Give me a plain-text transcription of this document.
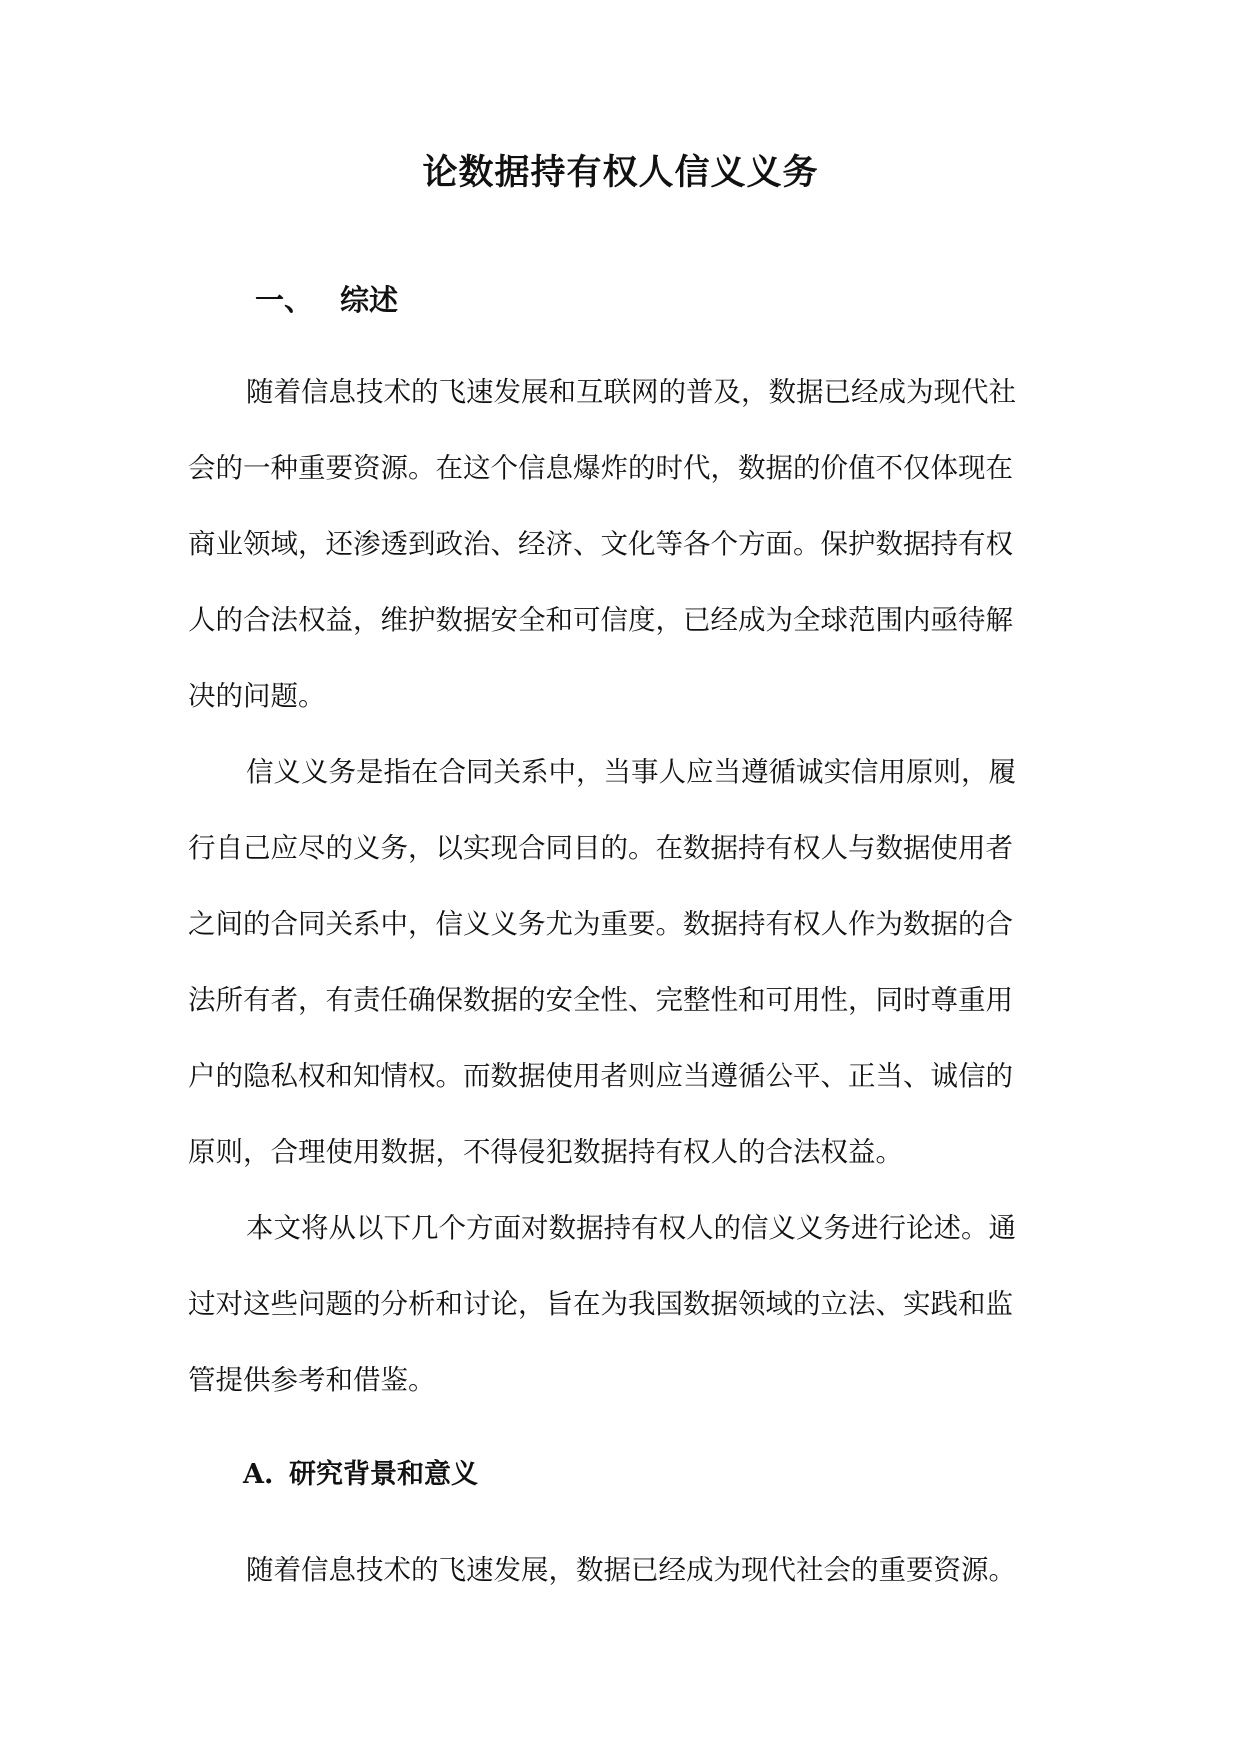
论数据持有权人信义义务
一、 综述
随着信息技术的飞速发展和互联网的普及，数据已经成为现代社
会的一种重要资源。在这个信息爆炸的时代，数据的价值不仅体现在
商业领域，还渗透到政治、经济、文化等各个方面。保护数据持有权
人的合法权益，维护数据安全和可信度，已经成为全球范围内亟待解
决的问题。
信义义务是指在合同关系中，当事人应当遵循诚实信用原则，履
行自己应尽的义务，以实现合同目的。在数据持有权人与数据使用者
之间的合同关系中，信义义务尤为重要。数据持有权人作为数据的合
法所有者，有责任确保数据的安全性、完整性和可用性，同时尊重用
户的隐私权和知情权。而数据使用者则应当遵循公平、正当、诚信的
原则，合理使用数据，不得侵犯数据持有权人的合法权益。
本文将从以下几个方面对数据持有权人的信义义务进行论述。通
过对这些问题的分析和讨论，旨在为我国数据领域的立法、实践和监
管提供参考和借鉴。
A. 研究背景和意义
随着信息技术的飞速发展，数据已经成为现代社会的重要资源。
